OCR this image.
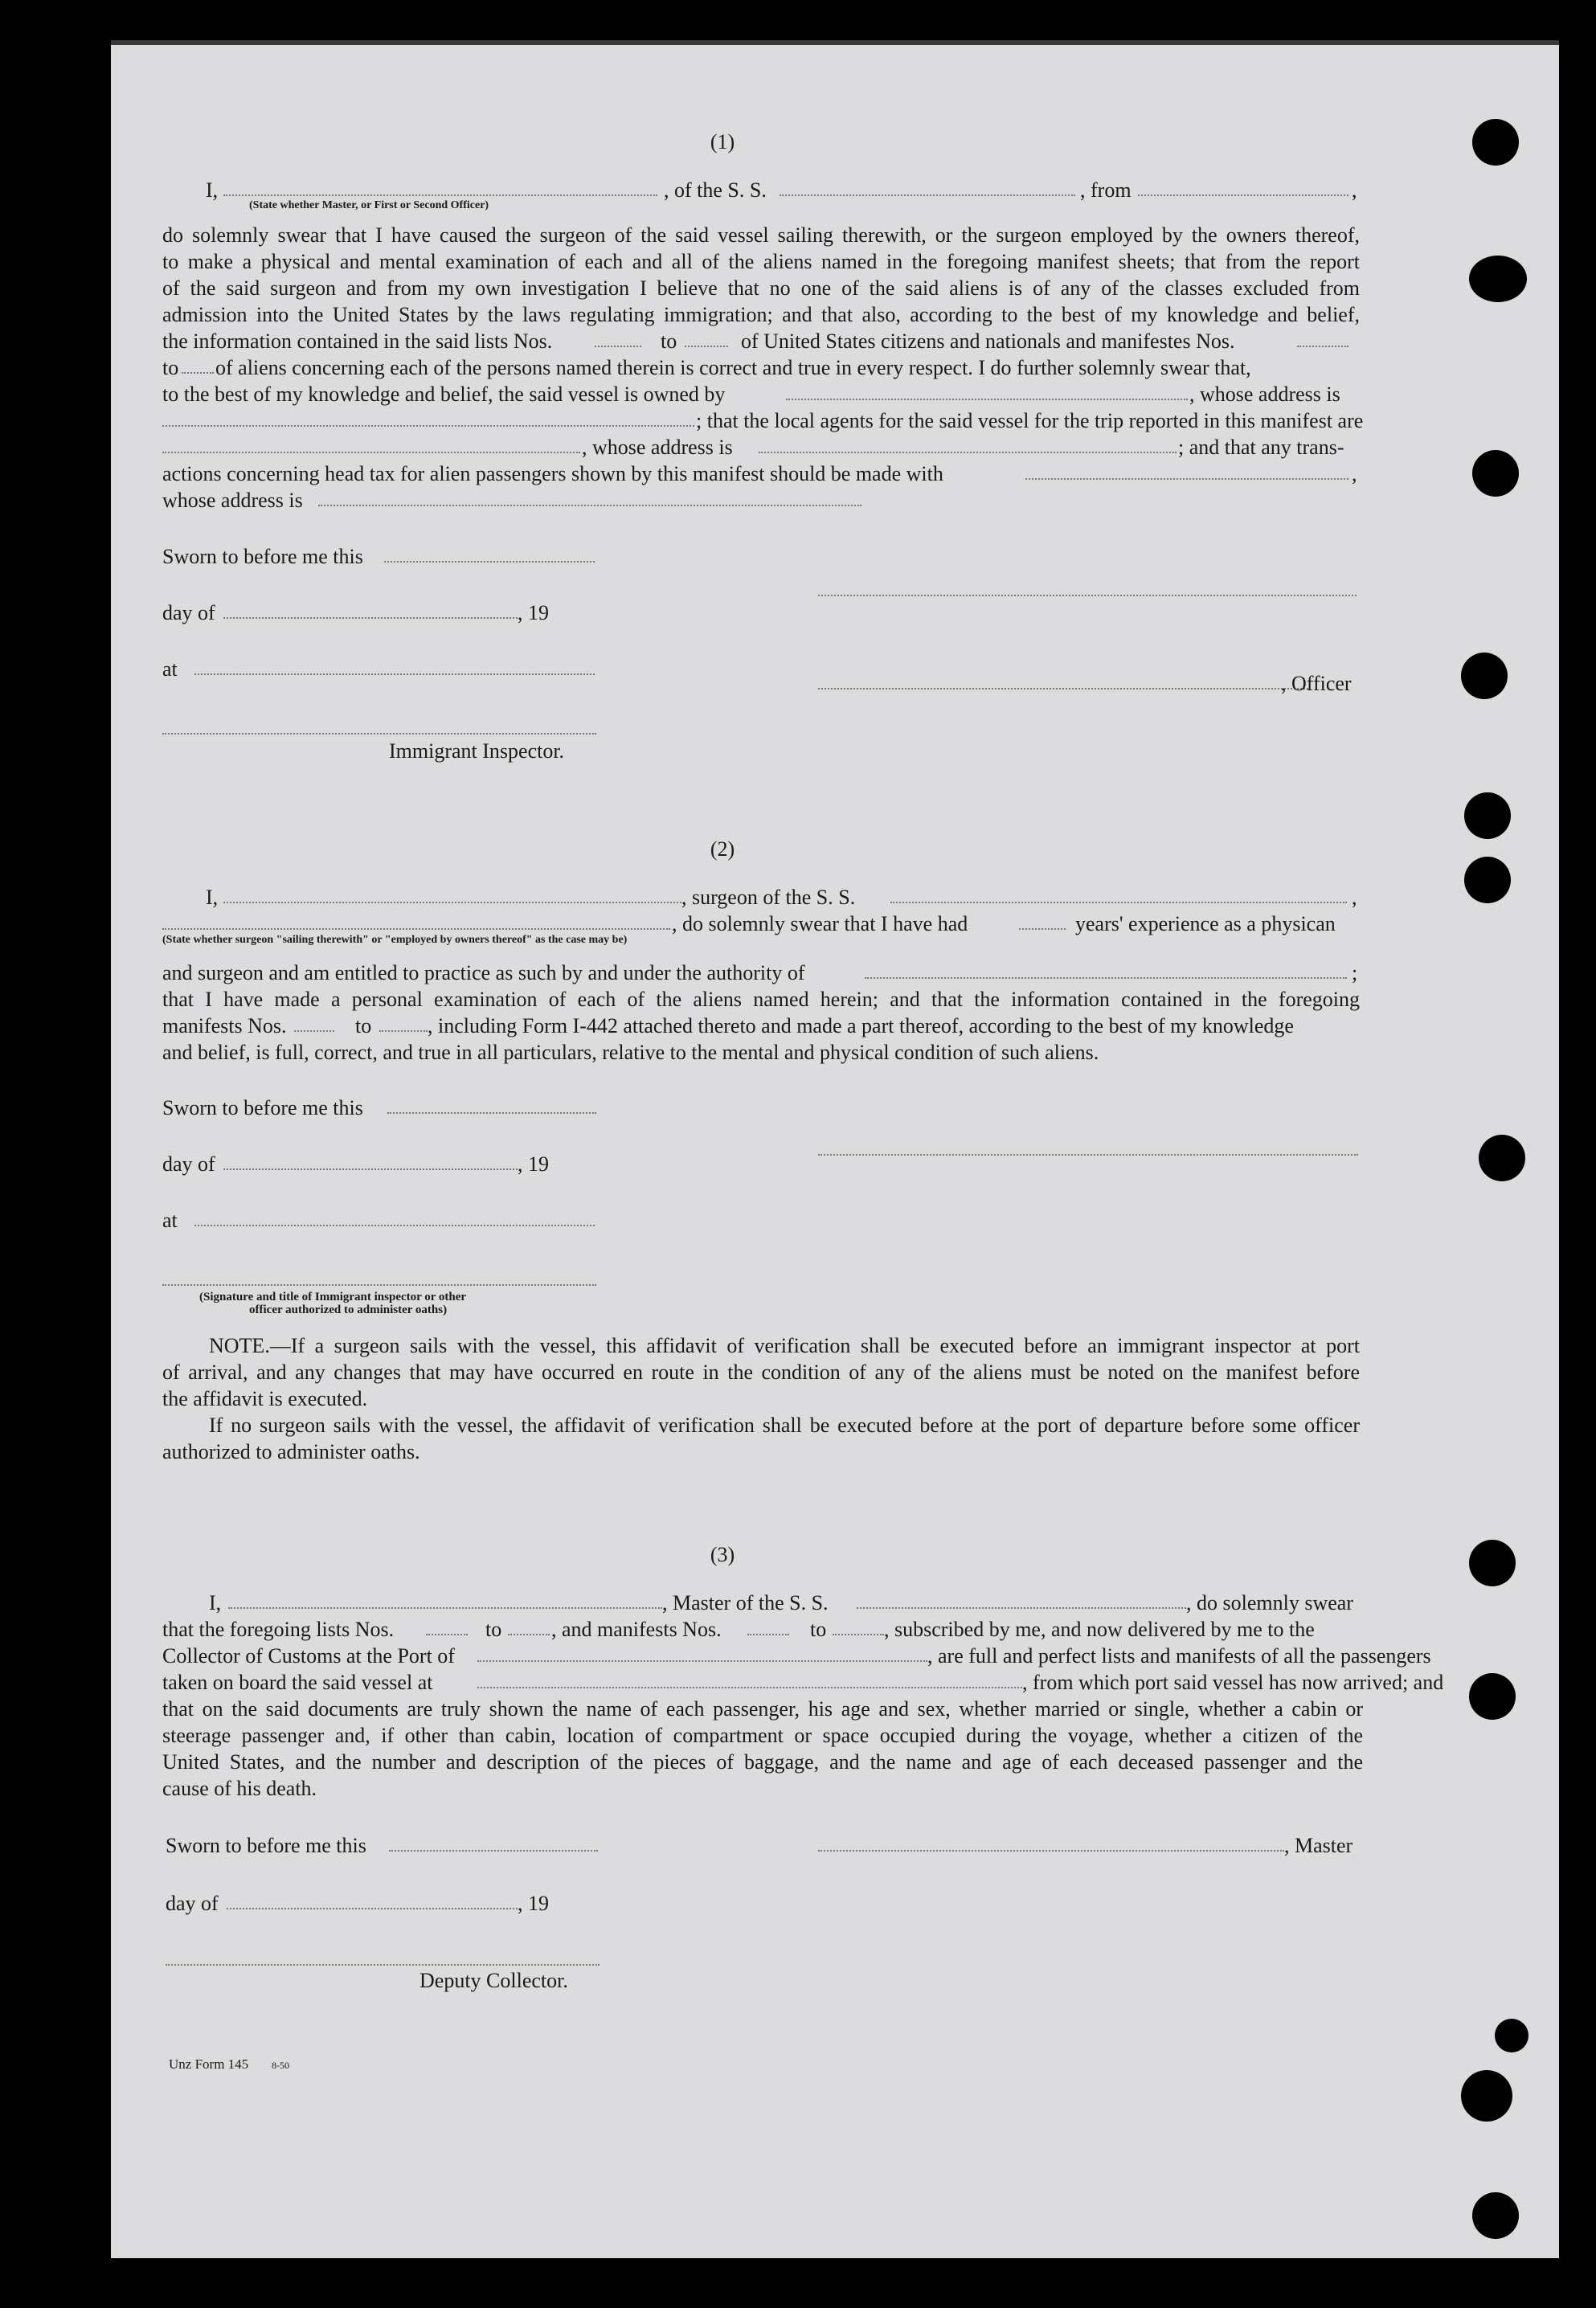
(1)
I,	, of the S. S.	, from	,
(State whether Master, or First or Second Officer)
do solemnly swear that I have caused the surgeon of the said vessel sailing therewith, or the surgeon employed by the owners thereof,
to make a physical and mental examination of each and all of the aliens named in the foregoing manifest sheets; that from the report
of the said surgeon and from my own investigation I believe that no one of the said aliens is of any of the classes excluded from
admission into the United States by the laws regulating immigration; and that also, according to the best of my knowledge and belief,
the information contained in the said lists Nos.	to	of United States citizens and nationals and manifestes Nos.
to of aliens concerning each of the persons named therein is correct and true in every respect. I do further solemnly swear that,
to the best of my knowledge and belief, the said vessel is owned by	, whose address is
; that the local agents for the said vessel for the trip reported in this manifest are
, whose address is	; and that any trans-
actions concerning head tax for alien passengers shown by this manifest should be made with	,
whose address is
Sworn to before me this
day of	, 19
at
, Officer
Immigrant Inspector.
(2)
I,	, surgeon of the S. S.	,
, do solemnly swear that I have had	years' experience as a physican
(State whether surgeon "sailing therewith" or "employed by owners thereof" as the case may be)
and surgeon and am entitled to practice as such by and under the authority of	;
that I have made a personal examination of each of the aliens named herein; and that the information contained in the foregoing
manifests Nos.	to	, including Form I-442 attached thereto and made a part thereof, according to the best of my knowledge
and belief, is full, correct, and true in all particulars, relative to the mental and physical condition of such aliens.
Sworn to before me this
day of	, 19
at
(Signature and title of Immigrant inspector or other
officer authorized to administer oaths)
NOTE.—If a surgeon sails with the vessel, this affidavit of verification shall be executed before an immigrant inspector at port
of arrival, and any changes that may have occurred en route in the condition of any of the aliens must be noted on the manifest before
the affidavit is executed.
If no surgeon sails with the vessel, the affidavit of verification shall be executed before at the port of departure before some officer
authorized to administer oaths.
(3)
I,	, Master of the S. S.	, do solemnly swear
that the foregoing lists Nos.	to , and manifests Nos.	to	, subscribed by me, and now delivered by me to the
Collector of Customs at the Port of	, are full and perfect lists and manifests of all the passengers
taken on board the said vessel at	, from which port said vessel has now arrived; and
that on the said documents are truly shown the name of each passenger, his age and sex, whether married or single, whether a cabin or
steerage passenger and, if other than cabin, location of compartment or space occupied during the voyage, whether a citizen of the
United States, and the number and description of the pieces of baggage, and the name and age of each deceased passenger and the
cause of his death.
Sworn to before me this	, Master
day of	, 19
Deputy Collector.
Unz Form 145 8-50
